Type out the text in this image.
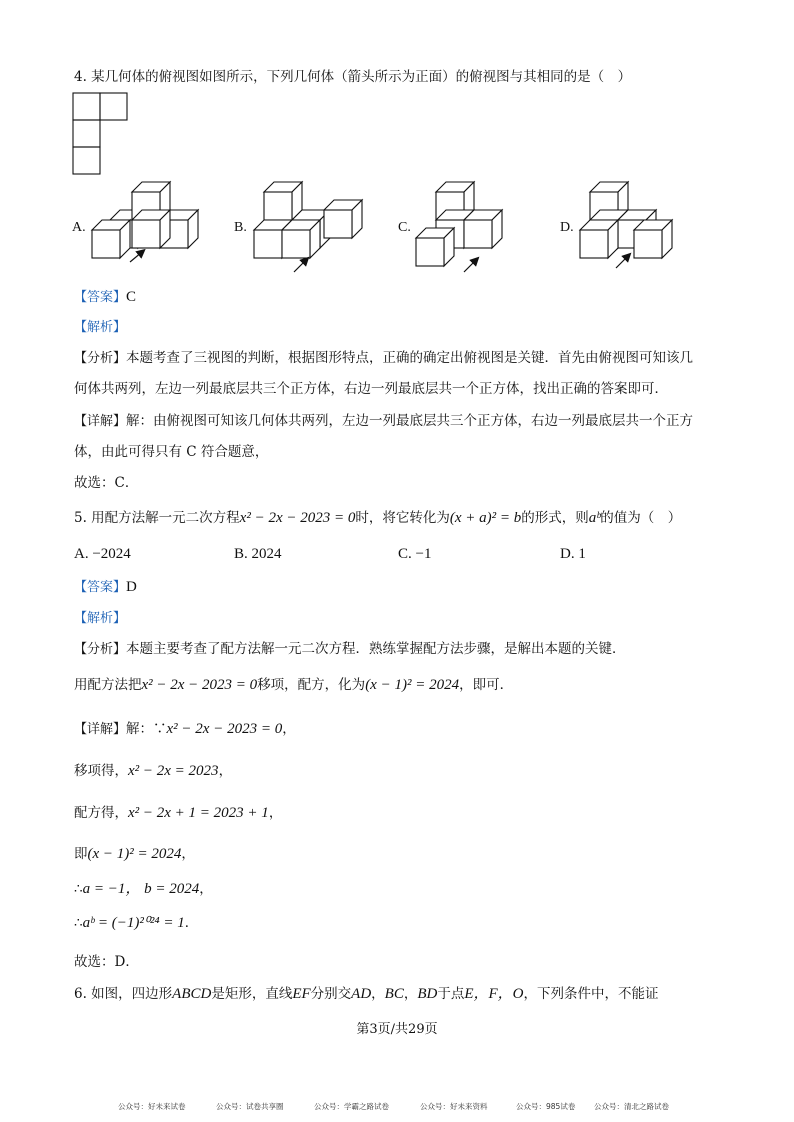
4. 某几何体的俯视图如图所示，下列几何体（箭头所示为正面）的俯视图与其相同的是（　）
A.	B.	C.	D.
【答案】C
【解析】
【分析】本题考查了三视图的判断，根据图形特点，正确的确定出俯视图是关键．首先由俯视图可知该几
何体共两列，左边一列最底层共三个正方体，右边一列最底层共一个正方体，找出正确的答案即可．
【详解】解：由俯视图可知该几何体共两列，左边一列最底层共三个正方体，右边一列最底层共一个正方
体，由此可得只有 C 符合题意，
故选：C．
5. 用配方法解一元二次方程x² − 2x − 2023 = 0时，将它转化为(x + a)² = b的形式，则aᵇ的值为（　）
A. −2024	B. 2024	C. −1	D. 1
【答案】D
【解析】
【分析】本题主要考查了配方法解一元二次方程．熟练掌握配方法步骤，是解出本题的关键．
用配方法把x² − 2x − 2023 = 0移项，配方，化为(x − 1)² = 2024，即可．
【详解】解：∵x² − 2x − 2023 = 0，
移项得，x² − 2x = 2023，
配方得，x² − 2x + 1 = 2023 + 1，
即(x − 1)² = 2024，
∴a = −1， b = 2024，
∴aᵇ = (−1)²⁰²⁴ = 1．
故选：D．
6. 如图，四边形ABCD是矩形，直线EF分别交AD，BC，BD于点E，F，O，下列条件中，不能证
第3页/共29页
公众号：好未来试卷	公众号：试卷共享圈	公众号：学霸之路试卷	公众号：好未来资料	公众号：985试卷 公众号：清北之路试卷
